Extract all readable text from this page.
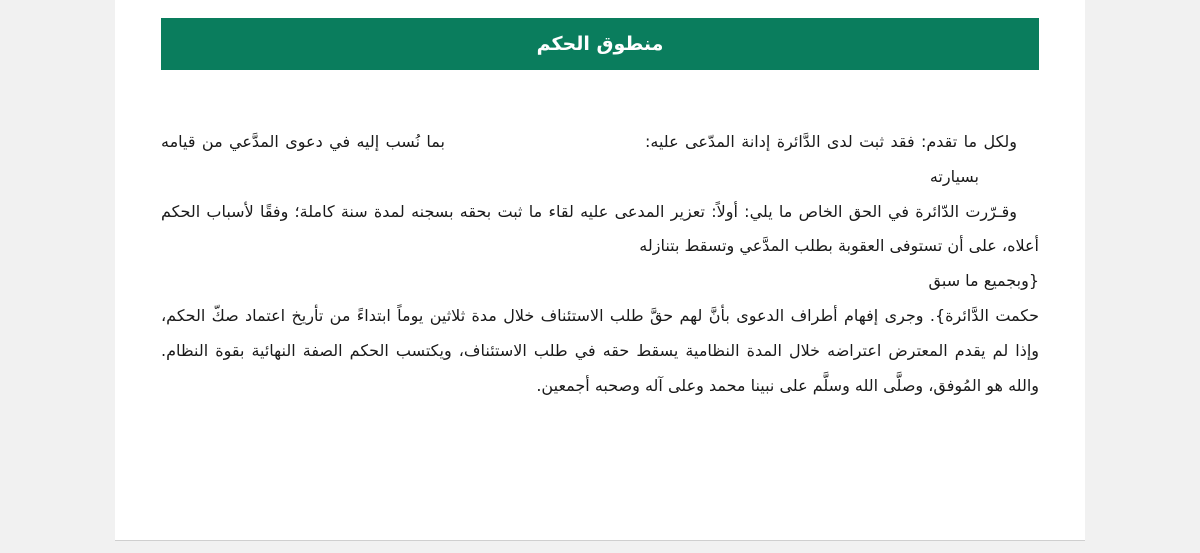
منطوق الحكم

ولكل ما تقدم: فقد ثبت لدى الدَّائرة إدانة المدّعى عليه:بما نُسب إليه في دعوى المدَّعي من قيامهبسيارته

وقـرّرت الدّائرة في الحق الخاص ما يلي: أولاً: تعزير المدعى عليه لقاء ما ثبت بحقه بسجنه لمدة سنة كاملة؛ وفقًا لأسباب الحكم أعلاه، على أن تستوفى العقوبة بطلب المدَّعي وتسقط بتنازله

{وبجميع ما سبق

حكمت الدَّائرة}. وجرى إفهام أطراف الدعوى بأنَّ لهم حقَّ طلب الاستئناف خلال مدة ثلاثين يوماً ابتداءً من تأريخ اعتماد صكّ الحكم، وإذا لم يقدم المعترض اعتراضه خلال المدة النظامية يسقط حقه في طلب الاستئناف، ويكتسب الحكم الصفة النهائية بقوة النظام. والله هو المُوفق، وصلَّى الله وسلَّم على نبينا محمد وعلى آله وصحبه أجمعين.
